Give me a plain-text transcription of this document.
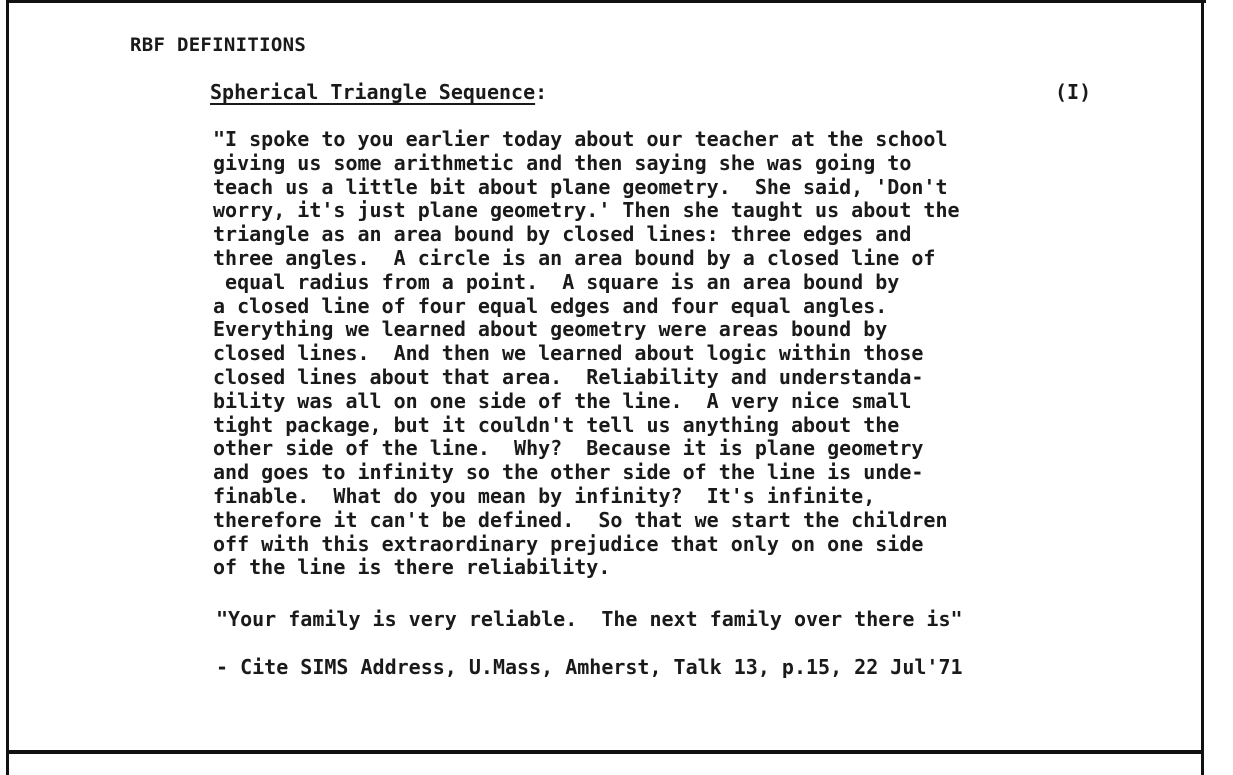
RBF DEFINITIONS
Spherical Triangle Sequence:	(I)
"I spoke to you earlier today about our teacher at the school
giving us some arithmetic and then saying she was going to
teach us a little bit about plane geometry.  She said, 'Don't
worry, it's just plane geometry.' Then she taught us about the
triangle as an area bound by closed lines: three edges and
three angles.  A circle is an area bound by a closed line of
equal radius from a point.  A square is an area bound by
a closed line of four equal edges and four equal angles.
Everything we learned about geometry were areas bound by
closed lines.  And then we learned about logic within those
closed lines about that area.  Reliability and understanda-
bility was all on one side of the line.  A very nice small
tight package, but it couldn't tell us anything about the
other side of the line.  Why?  Because it is plane geometry
and goes to infinity so the other side of the line is unde-
finable.  What do you mean by infinity?  It's infinite,
therefore it can't be defined.  So that we start the children
off with this extraordinary prejudice that only on one side
of the line is there reliability.
"Your family is very reliable.  The next family over there is"
- Cite SIMS Address, U.Mass, Amherst, Talk 13, p.15, 22 Jul'71
